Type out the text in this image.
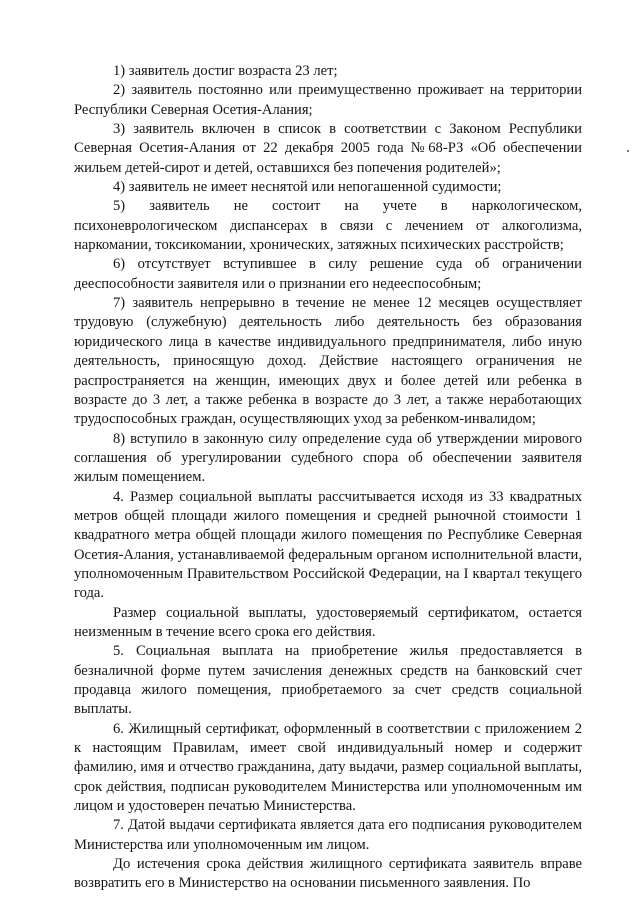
1) заявитель достиг возраста 23 лет;

2) заявитель постоянно или преимущественно проживает на территории Республики Северная Осетия-Алания;

3) заявитель включен в список в соответствии с Законом Республики Северная Осетия-Алания от 22 декабря 2005 года №68-РЗ «Об обеспечении жильем детей-сирот и детей, оставшихся без попечения родителей»;

4) заявитель не имеет неснятой или непогашенной судимости;

5) заявитель не состоит на учете в наркологическом, психоневрологическом диспансерах в связи с лечением от алкоголизма, наркомании, токсикомании, хронических, затяжных психических расстройств;

6) отсутствует вступившее в силу решение суда об ограничении дееспособности заявителя или о признании его недееспособным;

7) заявитель непрерывно в течение не менее 12 месяцев осуществляет трудовую (служебную) деятельность либо деятельность без образования юридического лица в качестве индивидуального предпринимателя, либо иную деятельность, приносящую доход. Действие настоящего ограничения не распространяется на женщин, имеющих двух и более детей или ребенка в возрасте до 3 лет, а также ребенка в возрасте до 3 лет, а также неработающих трудоспособных граждан, осуществляющих уход за ребенком-инвалидом;

8) вступило в законную силу определение суда об утверждении мирового соглашения об урегулировании судебного спора об обеспечении заявителя жилым помещением.

4. Размер социальной выплаты рассчитывается исходя из 33 квадратных метров общей площади жилого помещения и средней рыночной стоимости 1 квадратного метра общей площади жилого помещения по Республике Северная Осетия-Алания, устанавливаемой федеральным органом исполнительной власти, уполномоченным Правительством Российской Федерации, на I квартал текущего года.

Размер социальной выплаты, удостоверяемый сертификатом, остается неизменным в течение всего срока его действия.

5. Социальная выплата на приобретение жилья предоставляется в безналичной форме путем зачисления денежных средств на банковский счет продавца жилого помещения, приобретаемого за счет средств социальной выплаты.

6. Жилищный сертификат, оформленный в соответствии с приложением 2 к настоящим Правилам, имеет свой индивидуальный номер и содержит фамилию, имя и отчество гражданина, дату выдачи, размер социальной выплаты, срок действия, подписан руководителем Министерства или уполномоченным им лицом и удостоверен печатью Министерства.

7. Датой выдачи сертификата является дата его подписания руководителем Министерства или уполномоченным им лицом.

До истечения срока действия жилищного сертификата заявитель вправе возвратить его в Министерство на основании письменного заявления. По
